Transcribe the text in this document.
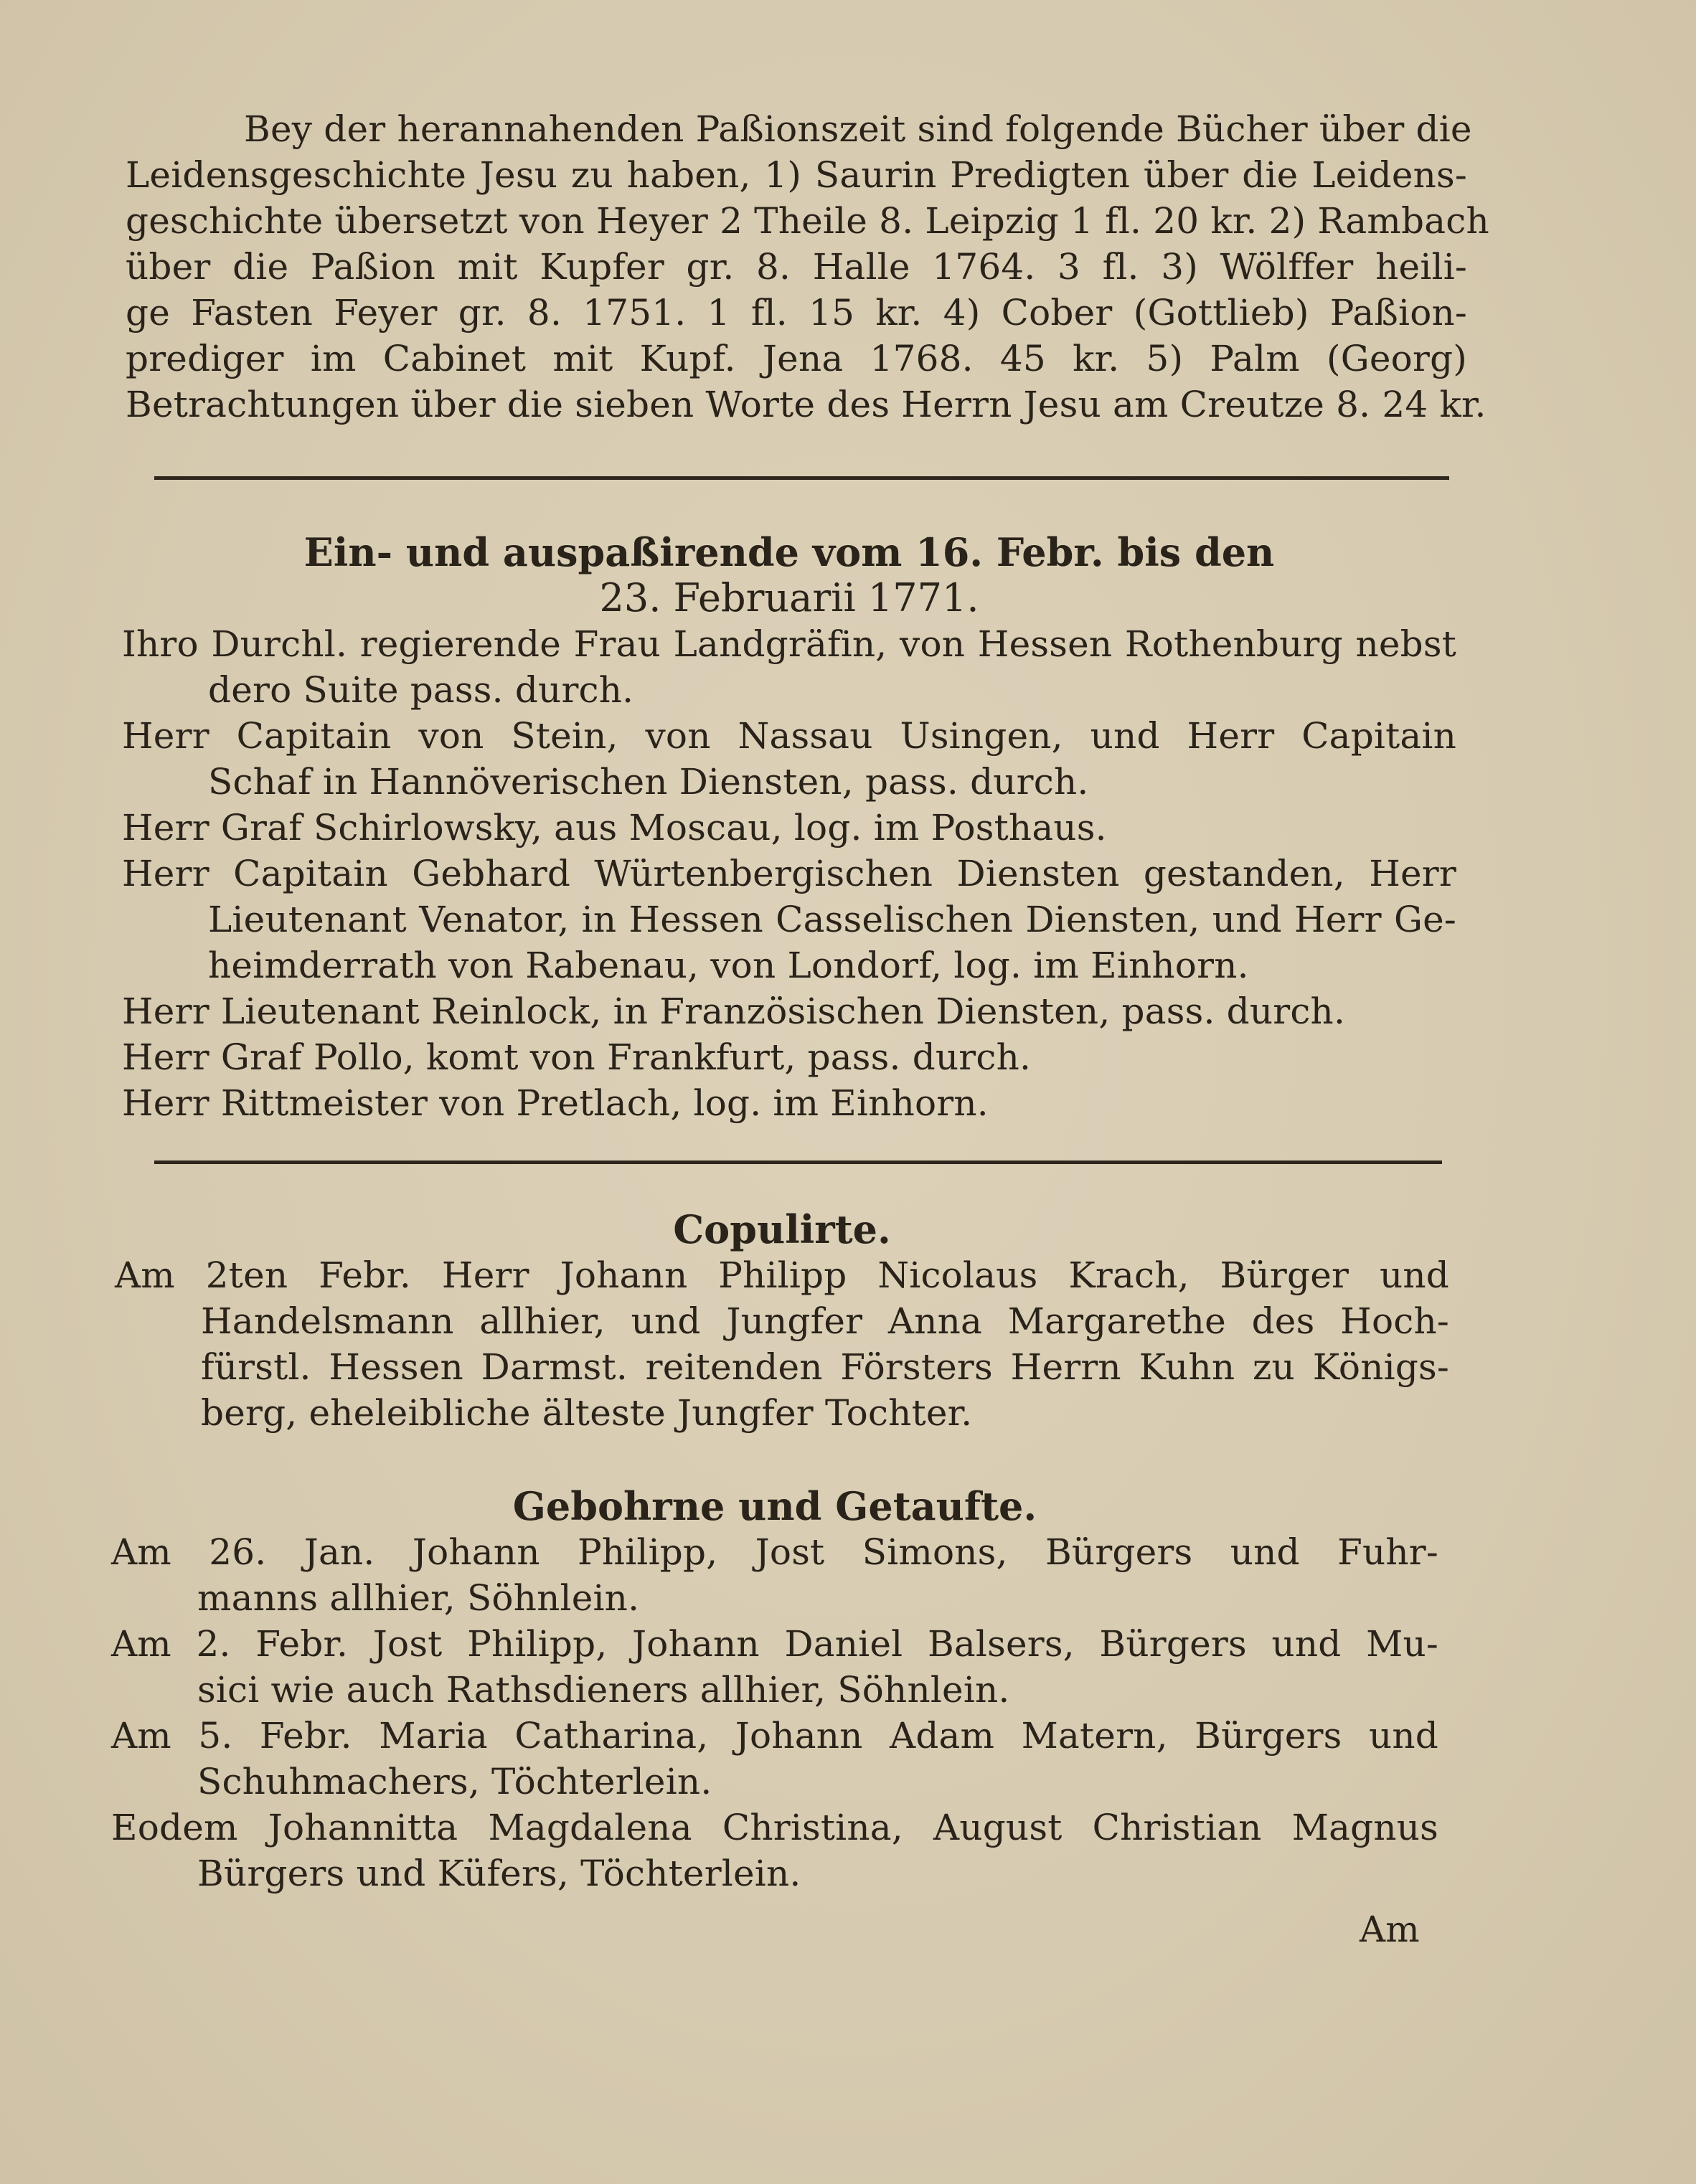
Bey der herannahenden Paßionszeit sind folgende Bücher über die
Leidensgeschichte Jesu zu haben, 1) Saurin Predigten über die Leidens-
geschichte übersetzt von Heyer 2 Theile 8. Leipzig 1 fl. 20 kr. 2) Rambach
über die Paßion mit Kupfer gr. 8. Halle 1764. 3 fl. 3) Wölffer heili-
ge Fasten Feyer gr. 8. 1751. 1 fl. 15 kr. 4) Cober (Gottlieb) Paßion-
prediger im Cabinet mit Kupf. Jena 1768. 45 kr. 5) Palm (Georg)
Betrachtungen über die sieben Worte des Herrn Jesu am Creutze 8. 24 kr.
Ein- und auspaßirende vom 16. Febr. bis den
23. Februarii 1771.
Ihro Durchl. regierende Frau Landgräfin, von Hessen Rothenburg nebst
dero Suite pass. durch.
Herr Capitain von Stein, von Nassau Usingen, und Herr Capitain
Schaf in Hannöverischen Diensten, pass. durch.
Herr Graf Schirlowsky, aus Moscau, log. im Posthaus.
Herr Capitain Gebhard Würtenbergischen Diensten gestanden, Herr
Lieutenant Venator, in Hessen Casselischen Diensten, und Herr Ge-
heimderrath von Rabenau, von Londorf, log. im Einhorn.
Herr Lieutenant Reinlock, in Französischen Diensten, pass. durch.
Herr Graf Pollo, komt von Frankfurt, pass. durch.
Herr Rittmeister von Pretlach, log. im Einhorn.
Copulirte.
Am 2ten Febr. Herr Johann Philipp Nicolaus Krach, Bürger und
Handelsmann allhier, und Jungfer Anna Margarethe des Hoch-
fürstl. Hessen Darmst. reitenden Försters Herrn Kuhn zu Königs-
berg, eheleibliche älteste Jungfer Tochter.
Gebohrne und Getaufte.
Am 26. Jan. Johann Philipp, Jost Simons, Bürgers und Fuhr-
manns allhier, Söhnlein.
Am 2. Febr. Jost Philipp, Johann Daniel Balsers, Bürgers und Mu-
sici wie auch Rathsdieners allhier, Söhnlein.
Am 5. Febr. Maria Catharina, Johann Adam Matern, Bürgers und
Schuhmachers, Töchterlein.
Eodem Johannitta Magdalena Christina, August Christian Magnus
Bürgers und Küfers, Töchterlein.
Am
